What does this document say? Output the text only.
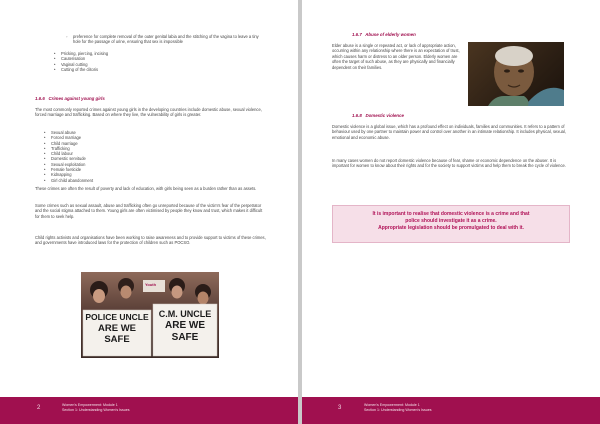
◦ preference for complete removal of the outer genital labia and the stitching of the vagina to leave a tiny hole for the passage of urine, ensuring that sex is impossible
• Pricking, piercing, incising
• Cauterisation
• Vaginal cutting
• Cutting of the clitoris
1.6.6 Crimes against young girls
The most commonly reported crimes against young girls in the developing countries include domestic abuse, sexual violence, forced marriage and trafficking. Based on where they live, the vulnerability of girls is greater.
• Sexual abuse
• Forced marriage
• Child marriage
• Trafficking
• Child labour
• Domestic servitude
• Sexual exploitation
• Female foeticide
• Kidnapping
• Girl child abandonment
These crimes are often the result of poverty and lack of education, with girls being seen as a burden rather than as assets.
Some crimes such as sexual assault, abuse and trafficking often go unreported because of the victim's fear of the perpetrator and the social stigma attached to them. Young girls are often victimised by people they know and trust, which makes it difficult for them to seek help.
Child rights activists and organisations have been working to raise awareness and to provide support to victims of these crimes, and governments have introduced laws for the protection of children such as POCSO.
Youth
POLICE UNCLE
ARE WE
SAFE
C.M. UNCLE
ARE WE
SAFE
2	Women's Empowerment: Module 1
Section 1: Understanding Women's Issues
1.6.7 Abuse of elderly women
Elder abuse is a single or repeated act, or lack of appropriate action, occurring within any relationship where there is an expectation of trust, which causes harm or distress to an older person. Elderly women are often the target of such abuse, as they are physically and financially dependent on their families.
1.6.8 Domestic violence
Domestic violence is a global issue, which has a profound effect on individuals, families and communities. It refers to a pattern of behaviour used by one partner to maintain power and control over another in an intimate relationship. It includes physical, sexual, emotional and economic abuse.
In many cases women do not report domestic violence because of fear, shame or economic dependence on the abuser. It is important for women to know about their rights and for the society to support victims and help them to break the cycle of violence.
It is important to realise that domestic violence is a crime and that
police should investigate it as a crime.
Appropriate legislation should be promulgated to deal with it.
3	Women's Empowerment: Module 1
Section 1: Understanding Women's Issues
